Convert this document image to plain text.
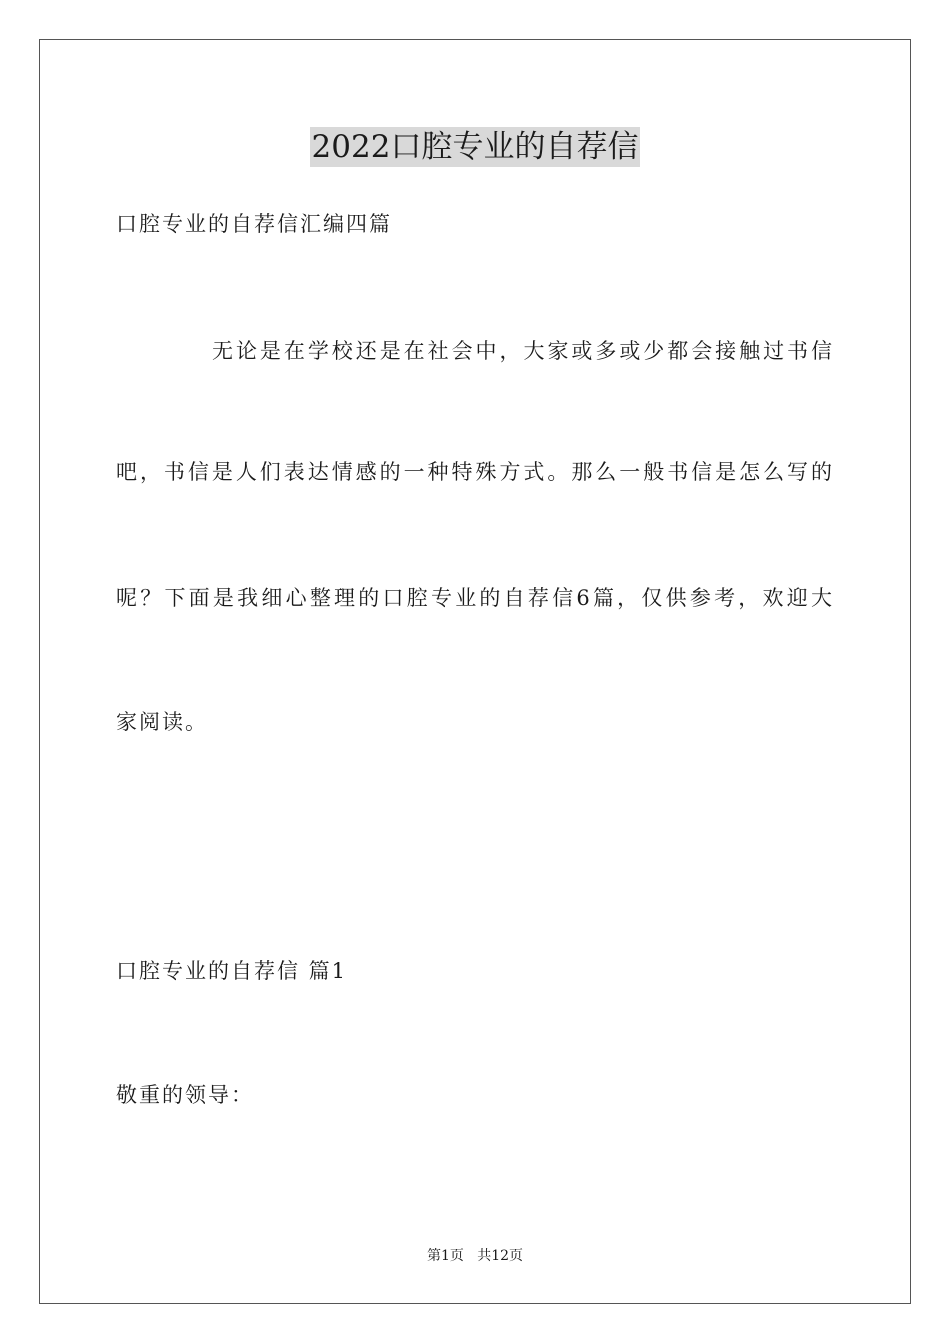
2022口腔专业的自荐信
口腔专业的自荐信汇编四篇
无论是在学校还是在社会中，大家或多或少都会接触过书信
吧，书信是人们表达情感的一种特殊方式。那么一般书信是怎么写的
呢？下面是我细心整理的口腔专业的自荐信6篇，仅供参考，欢迎大
家阅读。
口腔专业的自荐信 篇1
敬重的领导：
第1页   共12页
